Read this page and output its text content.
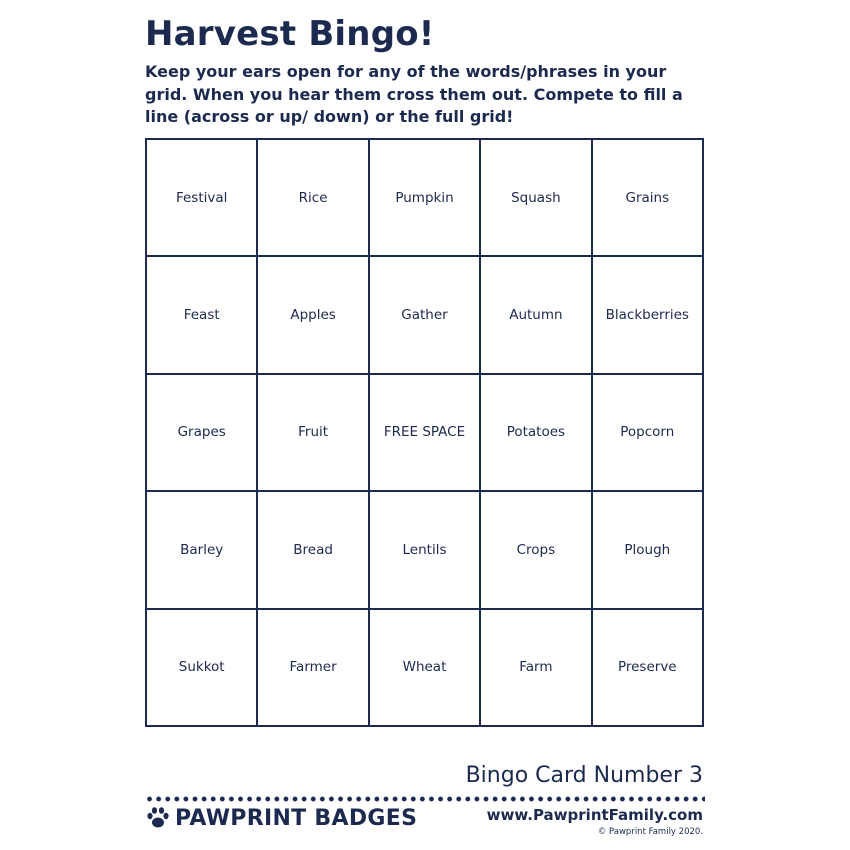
Harvest Bingo!
Keep your ears open for any of the words/phrases in your grid. When you hear them cross them out. Compete to fill a line (across or up/ down) or the full grid!
Festival	Rice	Pumpkin	Squash	Grains
Feast	Apples	Gather	Autumn	Blackberries
Grapes	Fruit	FREE SPACE	Potatoes	Popcorn
Barley	Bread	Lentils	Crops	Plough
Sukkot	Farmer	Wheat	Farm	Preserve
Bingo Card Number 3
PAWPRINT BADGES	www.PawprintFamily.com
© Pawprint Family 2020.
